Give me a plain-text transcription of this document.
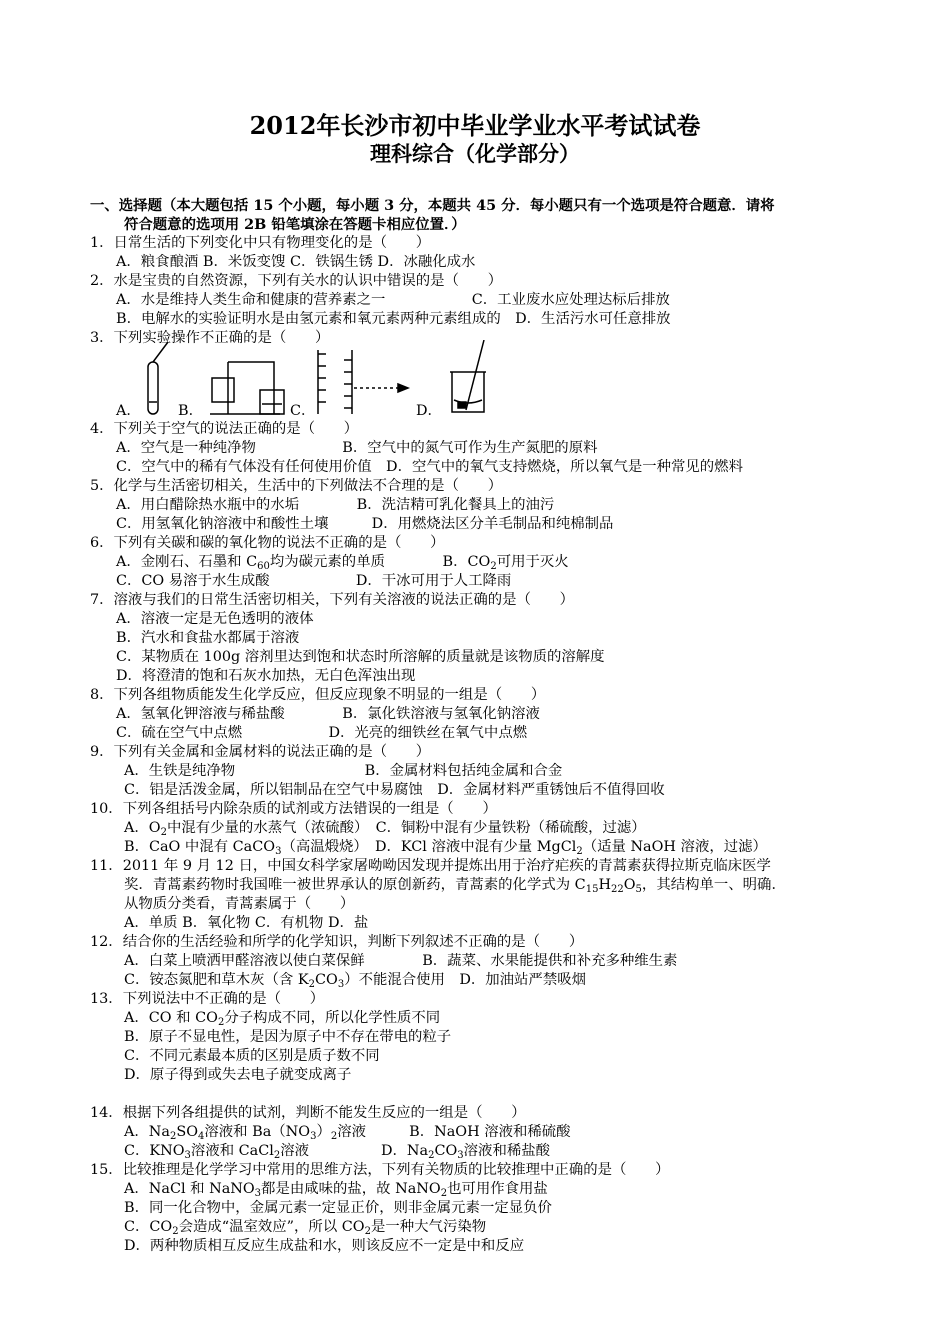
2012年长沙市初中毕业学业水平考试试卷
理科综合（化学部分）
一、选择题（本大题包括 15 个小题，每小题 3 分，本题共 45 分．每小题只有一个选项是符合题意．请将
符合题意的选项用 2B 铅笔填涂在答题卡相应位置．）
1．日常生活的下列变化中只有物理变化的是（　　）
A．粮食酿酒 B．米饭变馊 C．铁锅生锈 D．冰融化成水
2．水是宝贵的自然资源，下列有关水的认识中错误的是（　　）
A．水是维持人类生命和健康的营养素之一　　　　　　C．工业废水应处理达标后排放
B．电解水的实验证明水是由氢元素和氧元素两种元素组成的　D．生活污水可任意排放
3．下列实验操作不正确的是（　　）
A．	B．	C．	D．
4．下列关于空气的说法正确的是（　　）
A．空气是一种纯净物　　　　　　B．空气中的氮气可作为生产氮肥的原料
C．空气中的稀有气体没有任何使用价值　D．空气中的氧气支持燃烧，所以氧气是一种常见的燃料
5．化学与生活密切相关，生活中的下列做法不合理的是（　　）
A．用白醋除热水瓶中的水垢　　　　B．洗洁精可乳化餐具上的油污
C．用氢氧化钠溶液中和酸性土壤　　　D．用燃烧法区分羊毛制品和纯棉制品
6．下列有关碳和碳的氧化物的说法不正确的是（　　）
A．金刚石、石墨和 $C_{60}$均为碳元素的单质　　　　B．$CO_2$可用于灭火
C．CO 易溶于水生成酸　　　　　　D．干冰可用于人工降雨
7．溶液与我们的日常生活密切相关，下列有关溶液的说法正确的是（　　）
A．溶液一定是无色透明的液体
B．汽水和食盐水都属于溶液
C．某物质在 100g 溶剂里达到饱和状态时所溶解的质量就是该物质的溶解度
D．将澄清的饱和石灰水加热，无白色浑浊出现
8．下列各组物质能发生化学反应，但反应现象不明显的一组是（　　）
A．氢氧化钾溶液与稀盐酸　　　　B．氯化铁溶液与氢氧化钠溶液
C．硫在空气中点燃　　　　　　D．光亮的细铁丝在氧气中点燃
9．下列有关金属和金属材料的说法正确的是（　　）
A．生铁是纯净物　　　　　　　　　B．金属材料包括纯金属和合金
C．铝是活泼金属，所以铝制品在空气中易腐蚀　D．金属材料严重锈蚀后不值得回收
10．下列各组括号内除杂质的试剂或方法错误的一组是（　　）
A．$O_2$中混有少量的水蒸气（浓硫酸）　C．铜粉中混有少量铁粉（稀硫酸，过滤）
B．CaO 中混有 CaCO$_3$（高温煅烧）　D．KCl 溶液中混有少量 MgCl$_2$（适量 NaOH 溶液，过滤）
11．2011 年 9 月 12 日，中国女科学家屠呦呦因发现并提炼出用于治疗疟疾的青蒿素获得拉斯克临床医学
奖．青蒿素药物时我国唯一被世界承认的原创新药，青蒿素的化学式为 $C_{15}H_{22}O_5$，其结构单一、明确．
从物质分类看，青蒿素属于（　　）
A．单质 B．氧化物 C．有机物 D．盐
12．结合你的生活经验和所学的化学知识，判断下列叙述不正确的是（　　）
A．白菜上喷洒甲醛溶液以使白菜保鲜　　　　B．蔬菜、水果能提供和补充多种维生素
C．铵态氮肥和草木灰（含 $K_2CO_3$）不能混合使用　D．加油站严禁吸烟
13．下列说法中不正确的是（　　）
A．CO 和 $CO_2$分子构成不同，所以化学性质不同
B．原子不显电性，是因为原子中不存在带电的粒子
C．不同元素最本质的区别是质子数不同
D．原子得到或失去电子就变成离子
14．根据下列各组提供的试剂，判断不能发生反应的一组是（　　）
A．$Na_2SO_4$溶液和 $Ba(NO_3)_2$溶液　　　B．NaOH 溶液和稀硫酸
C．$KNO_3$溶液和 CaCl$_2$溶液　　　　　D．$Na_2CO_3$溶液和稀盐酸
15．比较推理是化学学习中常用的思维方法，下列有关物质的比较推理中正确的是（　　）
A．NaCl 和 NaNO$_3$都是由咸味的盐，故 NaNO$_2$也可用作食用盐
B．同一化合物中，金属元素一定显正价，则非金属元素一定显负价
C．$CO_2$会造成“温室效应”，所以 $CO_2$是一种大气污染物
D．两种物质相互反应生成盐和水，则该反应不一定是中和反应
